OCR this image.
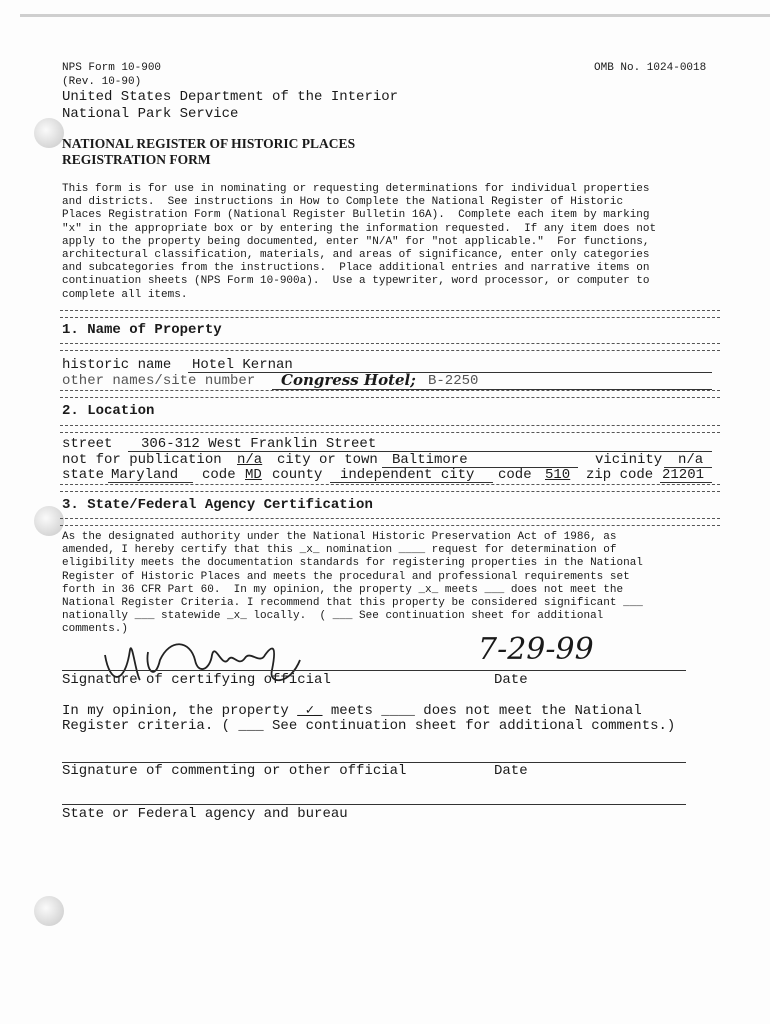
NPS Form 10-900	OMB No. 1024-0018
(Rev. 10-90)
United States Department of the Interior
National Park Service
NATIONAL REGISTER OF HISTORIC PLACES
REGISTRATION FORM
This form is for use in nominating or requesting determinations for individual properties
and districts.  See instructions in How to Complete the National Register of Historic
Places Registration Form (National Register Bulletin 16A).  Complete each item by marking
"x" in the appropriate box or by entering the information requested.  If any item does not
apply to the property being documented, enter "N/A" for "not applicable."  For functions,
architectural classification, materials, and areas of significance, enter only categories
and subcategories from the instructions.  Place additional entries and narrative items on
continuation sheets (NPS Form 10-900a).  Use a typewriter, word processor, or computer to
complete all items.

1. Name of Property
historic name Hotel Kernan
other names/site number Congress Hotel; B-2250
2. Location
street 306-312 West Franklin Street
not for publication n/a city or town Baltimore	vicinity n/a
state Maryland code MD county independent city code 510 zip code 21201
3. State/Federal Agency Certification
As the designated authority under the National Historic Preservation Act of 1986, as
amended, I hereby certify that this _x_ nomination ____ request for determination of
eligibility meets the documentation standards for registering properties in the National
Register of Historic Places and meets the procedural and professional requirements set
forth in 36 CFR Part 60.  In my opinion, the property _x_ meets ___ does not meet the
National Register Criteria. I recommend that this property be considered significant ___
nationally ___ statewide _x_ locally.  ( ___ See continuation sheet for additional
comments.)
7-29-99
Signature of certifying official	Date
In my opinion, the property _✓_ meets ____ does not meet the National
Register criteria. ( ___ See continuation sheet for additional comments.)
Signature of commenting or other official	Date
State or Federal agency and bureau
